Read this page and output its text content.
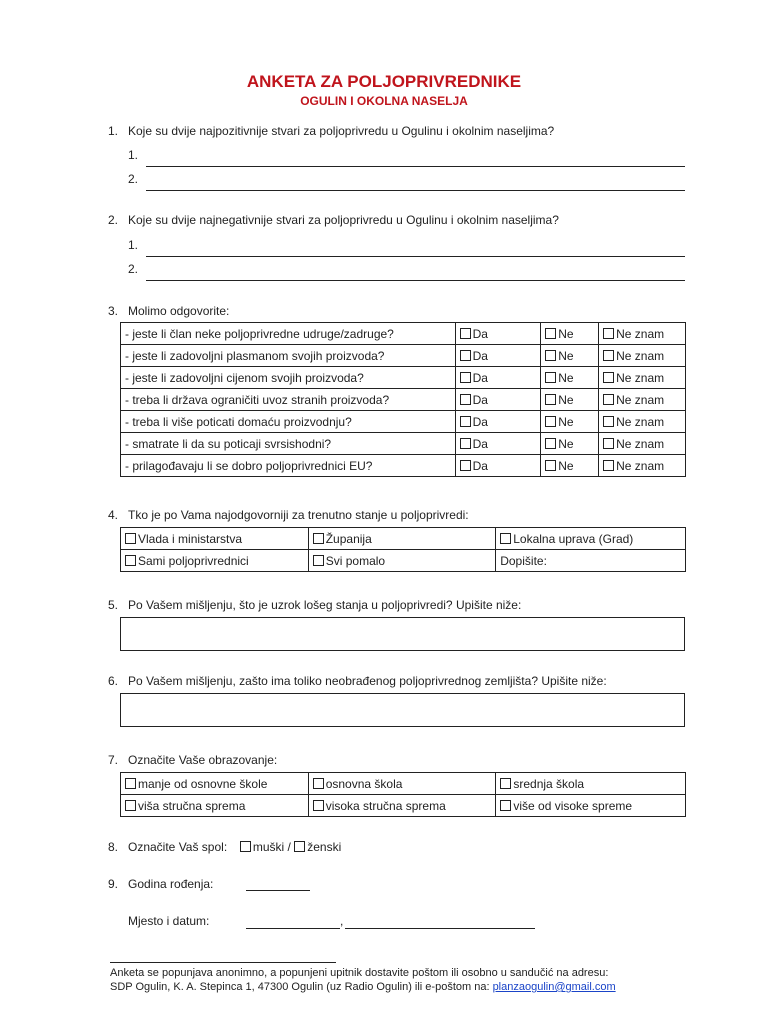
ANKETA ZA POLJOPRIVREDNIKE
OGULIN I OKOLNA NASELJA
1. Koje su dvije najpozitivnije stvari za poljoprivredu u Ogulinu i okolnim naseljima?
1.
2.
2. Koje su dvije najnegativnije stvari za poljoprivredu u Ogulinu i okolnim naseljima?
1.
2.
3. Molimo odgovorite:
- jeste li član neke poljoprivredne udruge/zadruge?	Da	Ne	Ne znam
- jeste li zadovoljni plasmanom svojih proizvoda?	Da	Ne	Ne znam
- jeste li zadovoljni cijenom svojih proizvoda?	Da	Ne	Ne znam
- treba li država ograničiti uvoz stranih proizvoda?	Da	Ne	Ne znam
- treba li više poticati domaću proizvodnju?	Da	Ne	Ne znam
- smatrate li da su poticaji svrsishodni?	Da	Ne	Ne znam
- prilagođavaju li se dobro poljoprivrednici EU?	Da	Ne	Ne znam
4. Tko je po Vama najodgovorniji za trenutno stanje u poljoprivredi:
Vlada i ministarstva	Županija	Lokalna uprava (Grad)
Sami poljoprivrednici	Svi pomalo	Dopišite:
5. Po Vašem mišljenju, što je uzrok lošeg stanja u poljoprivredi? Upišite niže:
6. Po Vašem mišljenju, zašto ima toliko neobrađenog poljoprivrednog zemljišta? Upišite niže:
7. Označite Vaše obrazovanje:
manje od osnovne škole	osnovna škola	srednja škola
viša stručna sprema	visoka stručna sprema	više od visoke spreme
8. Označite Vaš spol: muški / ženski
9. Godina rođenja:
Mjesto i datum:	,
Anketa se popunjava anonimno, a popunjeni upitnik dostavite poštom ili osobno u sandučić na adresu:
SDP Ogulin, K. A. Stepinca 1, 47300 Ogulin (uz Radio Ogulin) ili e-poštom na: planzaogulin@gmail.com
